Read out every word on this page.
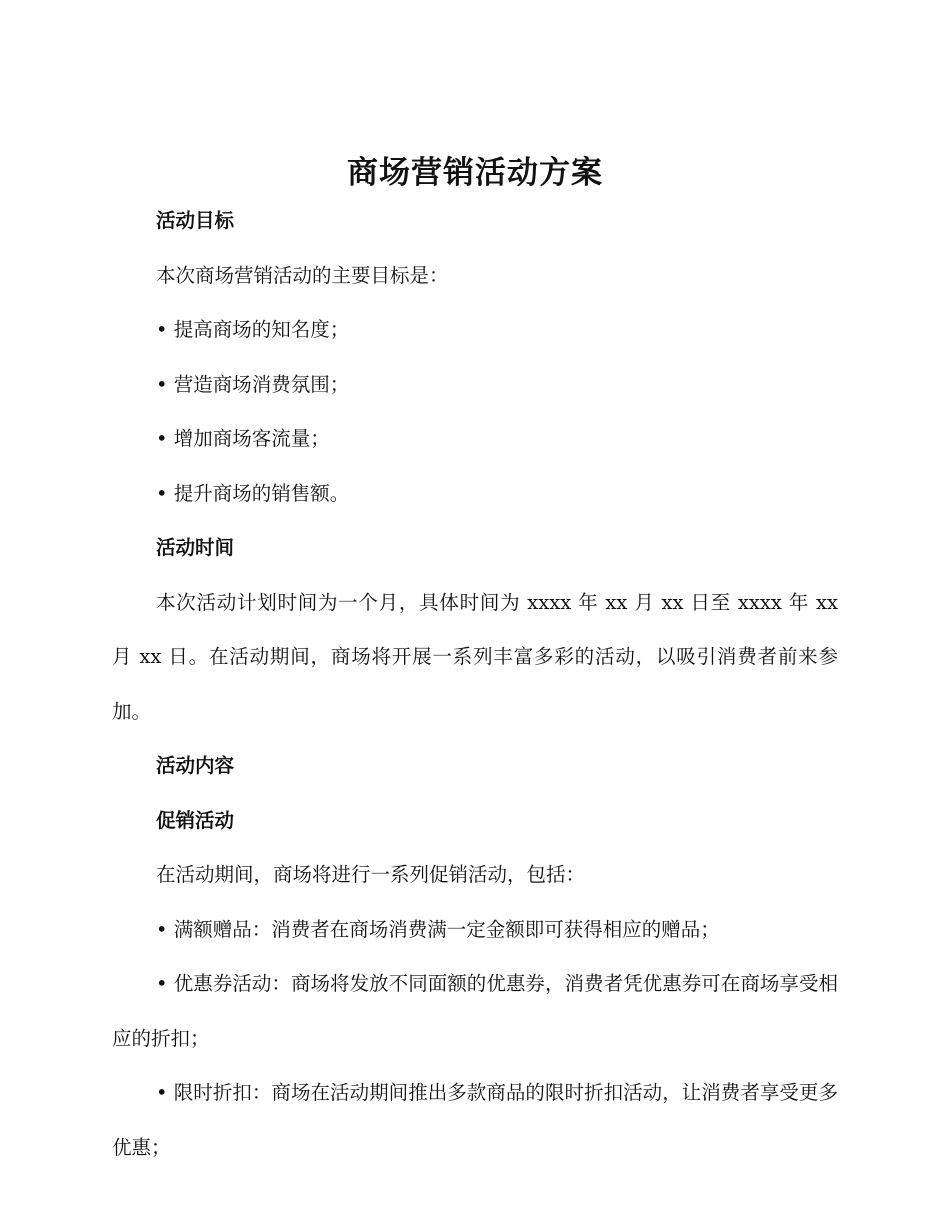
商场营销活动方案
活动目标

本次商场营销活动的主要目标是：

• 提高商场的知名度；

• 营造商场消费氛围；

• 增加商场客流量；

• 提升商场的销售额。

活动时间

本次活动计划时间为一个月，具体时间为 xxxx 年 xx 月 xx 日至 xxxx 年 xx 月 xx 日。在活动期间，商场将开展一系列丰富多彩的活动，以吸引消费者前来参加。

活动内容
促销活动

在活动期间，商场将进行一系列促销活动，包括：

• 满额赠品：消费者在商场消费满一定金额即可获得相应的赠品；

• 优惠券活动：商场将发放不同面额的优惠券，消费者凭优惠券可在商场享受相应的折扣；

• 限时折扣：商场在活动期间推出多款商品的限时折扣活动，让消费者享受更多优惠；
